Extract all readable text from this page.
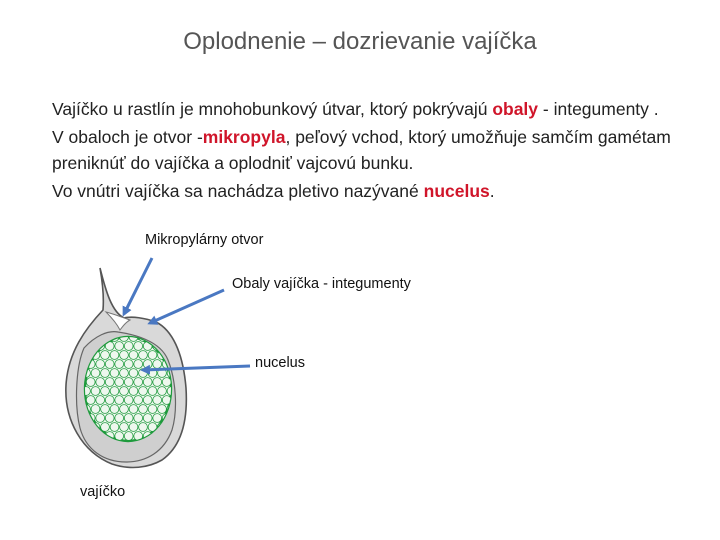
Oplodnenie – dozrievanie vajíčka

Vajíčko u rastlín je mnohobunkový útvar, ktorý pokrývajú obaly - integumenty .

V obaloch je otvor -mikropyla, peľový vchod, ktorý umožňuje samčím gamétam preniknúť do vajíčka a oplodniť vajcovú bunku.

Vo vnútri vajíčka sa nachádza pletivo nazývané nucelus.

Mikropylárny otvor
Obaly vajíčka - integumenty
nucelus
vajíčko
